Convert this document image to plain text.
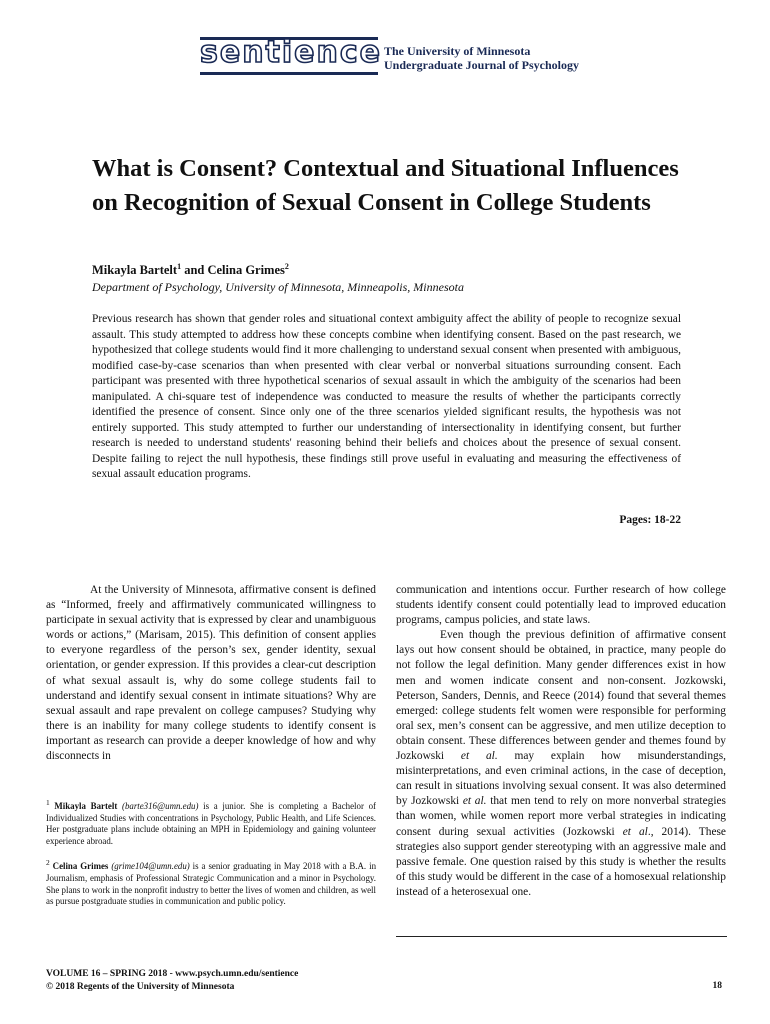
sentience The University of Minnesota
Undergraduate Journal of Psychology
What is Consent? Contextual and Situational Influences on Recognition of Sexual Consent in College Students
Mikayla Bartelt$^1$ and Celina Grimes$^2$
Department of Psychology, University of Minnesota, Minneapolis, Minnesota

Previous research has shown that gender roles and situational context ambiguity affect the ability of people to recognize sexual assault. This study attempted to address how these concepts combine when identifying consent. Based on the past research, we hypothesized that college students would find it more challenging to understand sexual consent when presented with ambiguous, modified case-by-case scenarios than when presented with clear verbal or nonverbal situations surrounding consent. Each participant was presented with three hypothetical scenarios of sexual assault in which the ambiguity of the scenarios had been manipulated. A chi-square test of independence was conducted to measure the results of whether the participants correctly identified the presence of consent. Since only one of the three scenarios yielded significant results, the hypothesis was not entirely supported. This study attempted to further our understanding of intersectionality in identifying consent, but further research is needed to understand students' reasoning behind their beliefs and choices about the presence of sexual consent. Despite failing to reject the null hypothesis, these findings still prove useful in evaluating and measuring the effectiveness of sexual assault education programs.

Pages: 18-22

At the University of Minnesota, affirmative consent is defined as “Informed, freely and affirmatively communicated willingness to participate in sexual activity that is expressed by clear and unambiguous words or actions,” (Marisam, 2015). This definition of consent applies to everyone regardless of the person’s sex, gender identity, sexual orientation, or gender expression. If this provides a clear-cut description of what sexual assault is, why do some college students fail to understand and identify sexual consent in intimate situations? Why are sexual assault and rape prevalent on college campuses? Studying why there is an inability for many college students to identify consent is important as research can provide a deeper knowledge of how and why disconnects in

$^1$ Mikayla Bartelt (barte316@umn.edu) is a junior. She is completing a Bachelor of Individualized Studies with concentrations in Psychology, Public Health, and Life Sciences. Her postgraduate plans include obtaining an MPH in Epidemiology and gaining volunteer experience abroad.

$^2$ Celina Grimes (grime104@umn.edu) is a senior graduating in May 2018 with a B.A. in Journalism, emphasis of Professional Strategic Communication and a minor in Psychology. She plans to work in the nonprofit industry to better the lives of women and children, as well as pursue postgraduate studies in communication and public policy.

communication and intentions occur. Further research of how college students identify consent could potentially lead to improved education programs, campus policies, and state laws.

Even though the previous definition of affirmative consent lays out how consent should be obtained, in practice, many people do not follow the legal definition. Many gender differences exist in how men and women indicate consent and non-consent. Jozkowski, Peterson, Sanders, Dennis, and Reece (2014) found that several themes emerged: college students felt women were responsible for performing oral sex, men’s consent can be aggressive, and men utilize deception to obtain consent. These differences between gender and themes found by Jozkowski et al. may explain how misunderstandings, misinterpretations, and even criminal actions, in the case of deception, can result in situations involving sexual consent. It was also determined by Jozkowski et al. that men tend to rely on more nonverbal strategies than women, while women report more verbal strategies in indicating consent during sexual activities (Jozkowski et al., 2014). These strategies also support gender stereotyping with an aggressive male and passive female. One question raised by this study is whether the results of this study would be different in the case of a homosexual relationship instead of a heterosexual one.

VOLUME 16 – SPRING 2018 - www.psych.umn.edu/sentience
© 2018 Regents of the University of Minnesota	18
